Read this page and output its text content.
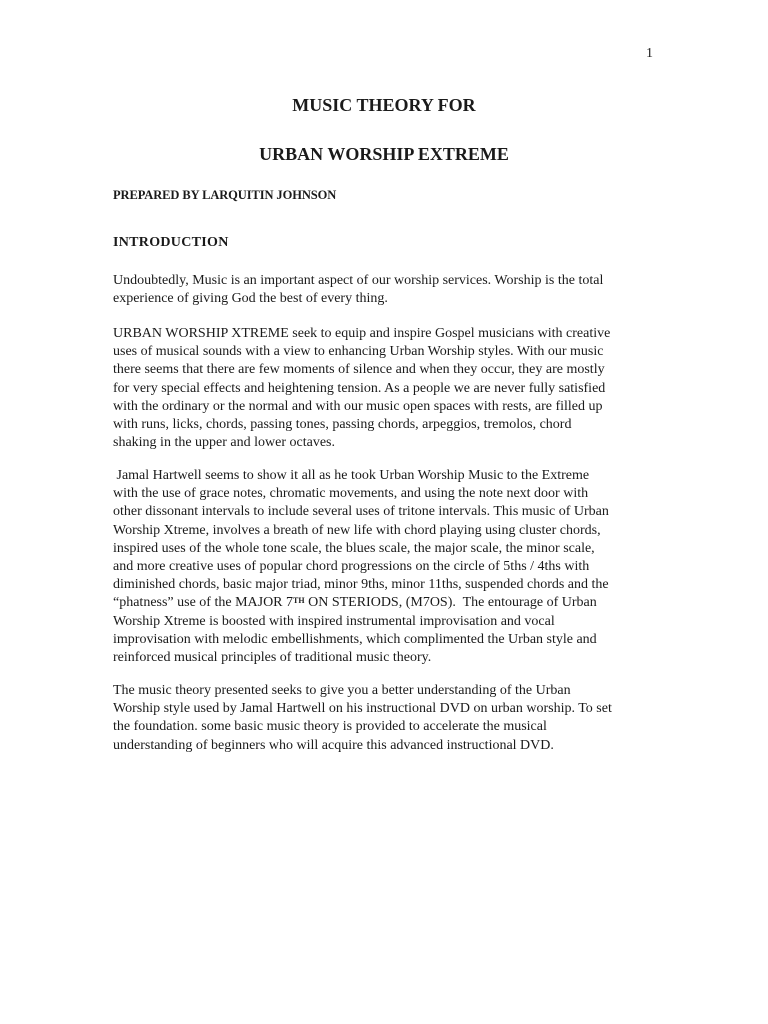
1
MUSIC THEORY FOR
URBAN WORSHIP EXTREME
PREPARED BY LARQUITIN JOHNSON
INTRODUCTION

Undoubtedly, Music is an important aspect of our worship services. Worship is the total
experience of giving God the best of every thing.

URBAN WORSHIP XTREME seek to equip and inspire Gospel musicians with creative
uses of musical sounds with a view to enhancing Urban Worship styles. With our music
there seems that there are few moments of silence and when they occur, they are mostly
for very special effects and heightening tension. As a people we are never fully satisfied
with the ordinary or the normal and with our music open spaces with rests, are filled up
with runs, licks, chords, passing tones, passing chords, arpeggios, tremolos, chord
shaking in the upper and lower octaves.

Jamal Hartwell seems to show it all as he took Urban Worship Music to the Extreme
with the use of grace notes, chromatic movements, and using the note next door with
other dissonant intervals to include several uses of tritone intervals. This music of Urban
Worship Xtreme, involves a breath of new life with chord playing using cluster chords,
inspired uses of the whole tone scale, the blues scale, the major scale, the minor scale,
and more creative uses of popular chord progressions on the circle of 5ths / 4ths with
diminished chords, basic major triad, minor 9ths, minor 11ths, suspended chords and the
“phatness” use of the MAJOR 7TH ON STERIODS, (M7OS).  The entourage of Urban
Worship Xtreme is boosted with inspired instrumental improvisation and vocal
improvisation with melodic embellishments, which complimented the Urban style and
reinforced musical principles of traditional music theory.

The music theory presented seeks to give you a better understanding of the Urban
Worship style used by Jamal Hartwell on his instructional DVD on urban worship. To set
the foundation. some basic music theory is provided to accelerate the musical
understanding of beginners who will acquire this advanced instructional DVD.
